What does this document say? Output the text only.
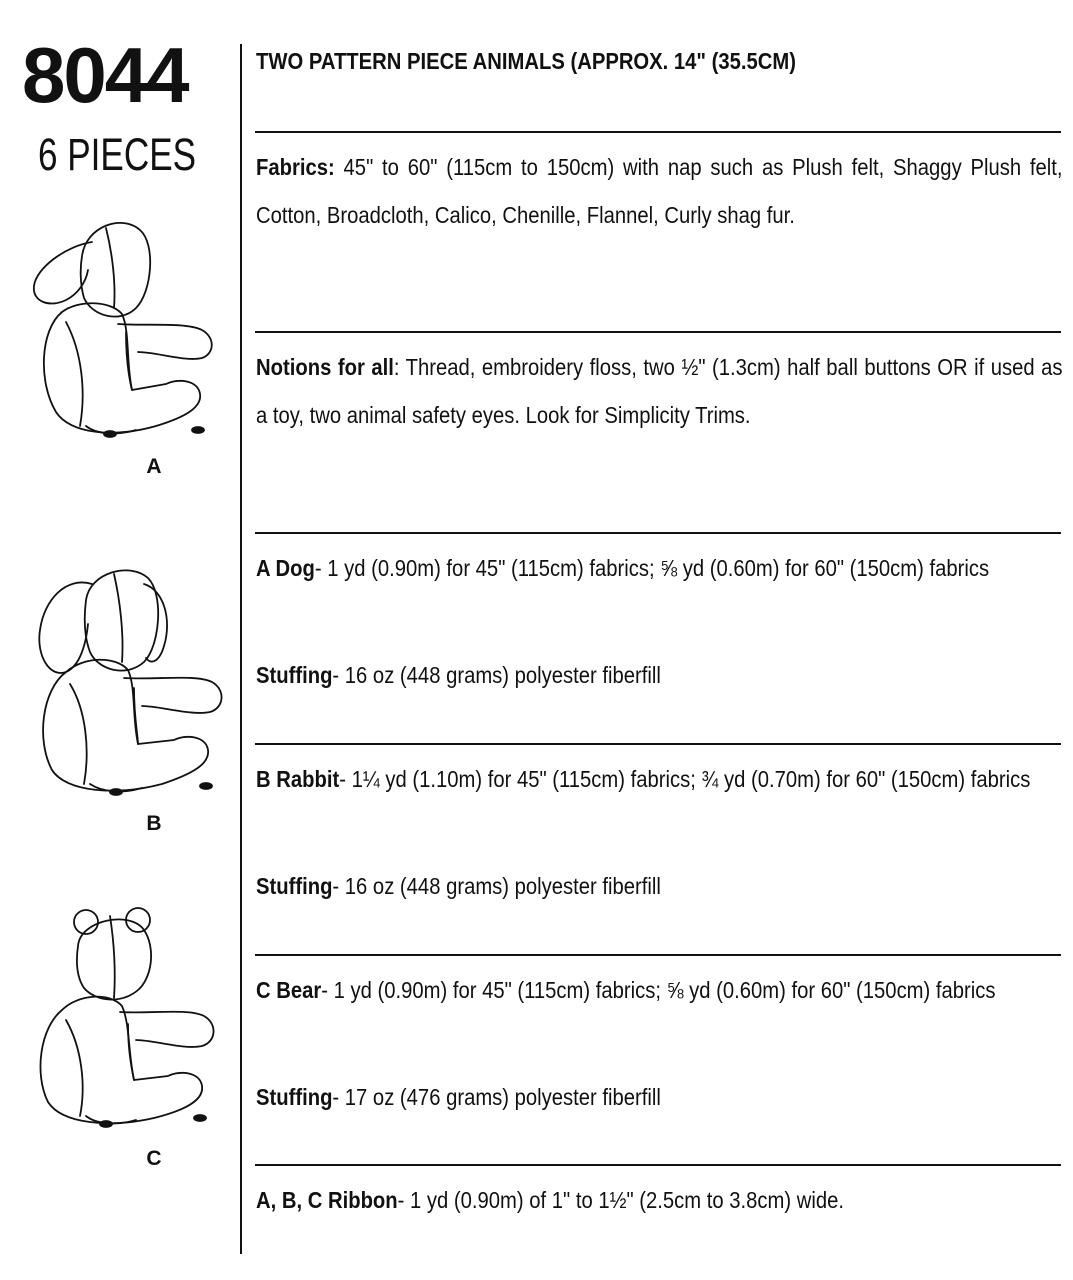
8044
6 PIECES
A
B
C
TWO PATTERN PIECE ANIMALS (APPROX. 14" (35.5CM)
Fabrics: 45" to 60" (115cm to 150cm) with nap such as Plush felt, Shaggy Plush felt, Cotton, Broadcloth, Calico, Chenille, Flannel, Curly shag fur.
Notions for all: Thread, embroidery floss, two ½" (1.3cm) half ball buttons OR if used as a toy, two animal safety eyes. Look for Simplicity Trims.
A Dog- 1 yd (0.90m) for 45" (115cm) fabrics; ⅝ yd (0.60m) for 60" (150cm) fabrics
Stuffing- 16 oz (448 grams) polyester fiberfill
B Rabbit- 1¼ yd (1.10m) for 45" (115cm) fabrics; ¾ yd (0.70m) for 60" (150cm) fabrics
Stuffing- 16 oz (448 grams) polyester fiberfill
C Bear- 1 yd (0.90m) for 45" (115cm) fabrics; ⅝ yd (0.60m) for 60" (150cm) fabrics
Stuffing- 17 oz (476 grams) polyester fiberfill
A, B, C Ribbon- 1 yd (0.90m) of 1" to 1½" (2.5cm to 3.8cm) wide.
